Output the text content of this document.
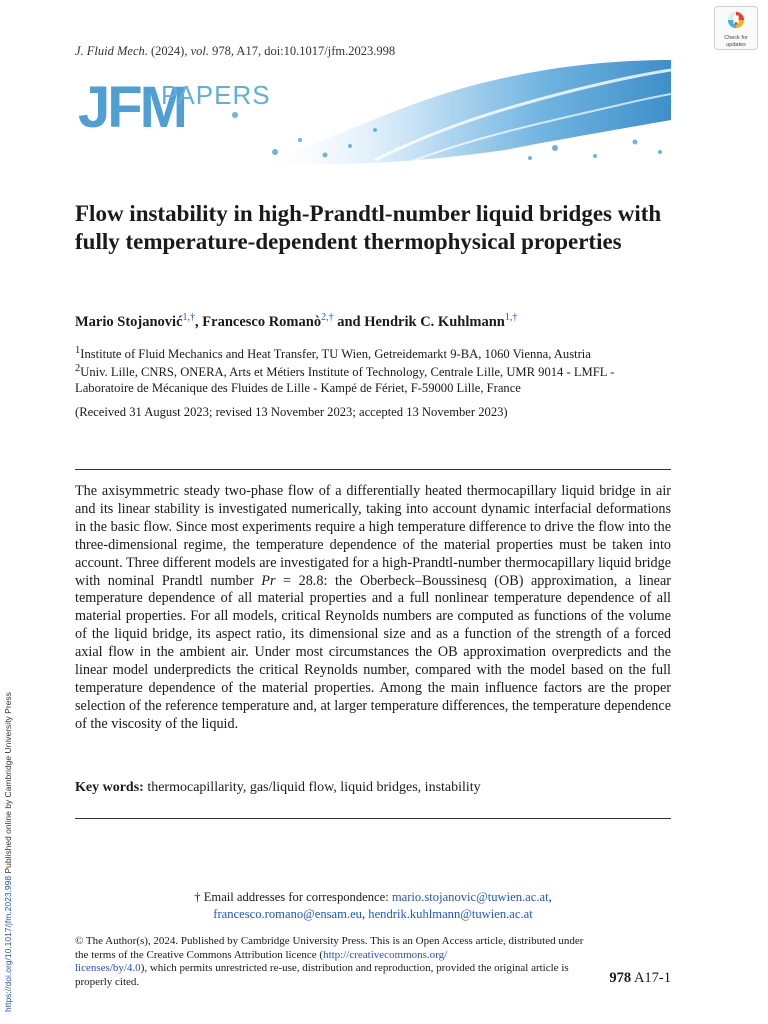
J. Fluid Mech. (2024), vol. 978, A17, doi:10.1017/jfm.2023.998
Check for
updates
JFM
PAPERS
Flow instability in high-Prandtl-number liquid bridges with fully temperature-dependent thermophysical properties
Mario Stojanović$^{1,\dagger}$, Francesco Romanò$^{2,\dagger}$ and Hendrik C. Kuhlmann$^{1,\dagger}$
$^1$Institute of Fluid Mechanics and Heat Transfer, TU Wien, Getreidemarkt 9-BA, 1060 Vienna, Austria
$^2$Univ. Lille, CNRS, ONERA, Arts et Métiers Institute of Technology, Centrale Lille, UMR 9014 - LMFL - Laboratoire de Mécanique des Fluides de Lille - Kampé de Fériet, F-59000 Lille, France
(Received 31 August 2023; revised 13 November 2023; accepted 13 November 2023)

The axisymmetric steady two-phase flow of a differentially heated thermocapillary liquid bridge in air and its linear stability is investigated numerically, taking into account dynamic interfacial deformations in the basic flow. Since most experiments require a high temperature difference to drive the flow into the three-dimensional regime, the temperature dependence of the material properties must be taken into account. Three different models are investigated for a high-Prandtl-number thermocapillary liquid bridge with nominal Prandtl number Pr = 28.8: the Oberbeck–Boussinesq (OB) approximation, a linear temperature dependence of all material properties and a full nonlinear temperature dependence of all material properties. For all models, critical Reynolds numbers are computed as functions of the volume of the liquid bridge, its aspect ratio, its dimensional size and as a function of the strength of a forced axial flow in the ambient air. Under most circumstances the OB approximation overpredicts and the linear model underpredicts the critical Reynolds number, compared with the model based on the full temperature dependence of the material properties. Among the main influence factors are the proper selection of the reference temperature and, at larger temperature differences, the temperature dependence of the viscosity of the liquid.

Key words: thermocapillarity, gas/liquid flow, liquid bridges, instability
† Email addresses for correspondence: mario.stojanovic@tuwien.ac.at,
francesco.romano@ensam.eu, hendrik.kuhlmann@tuwien.ac.at
© The Author(s), 2024. Published by Cambridge University Press. This is an Open Access article, distributed under the terms of the Creative Commons Attribution licence (http://creativecommons.org/
licenses/by/4.0), which permits unrestricted re-use, distribution and reproduction, provided the original article is properly cited.	978 A17-1
https://doi.org/10.1017/jfm.2023.998 Published online by Cambridge University Press
